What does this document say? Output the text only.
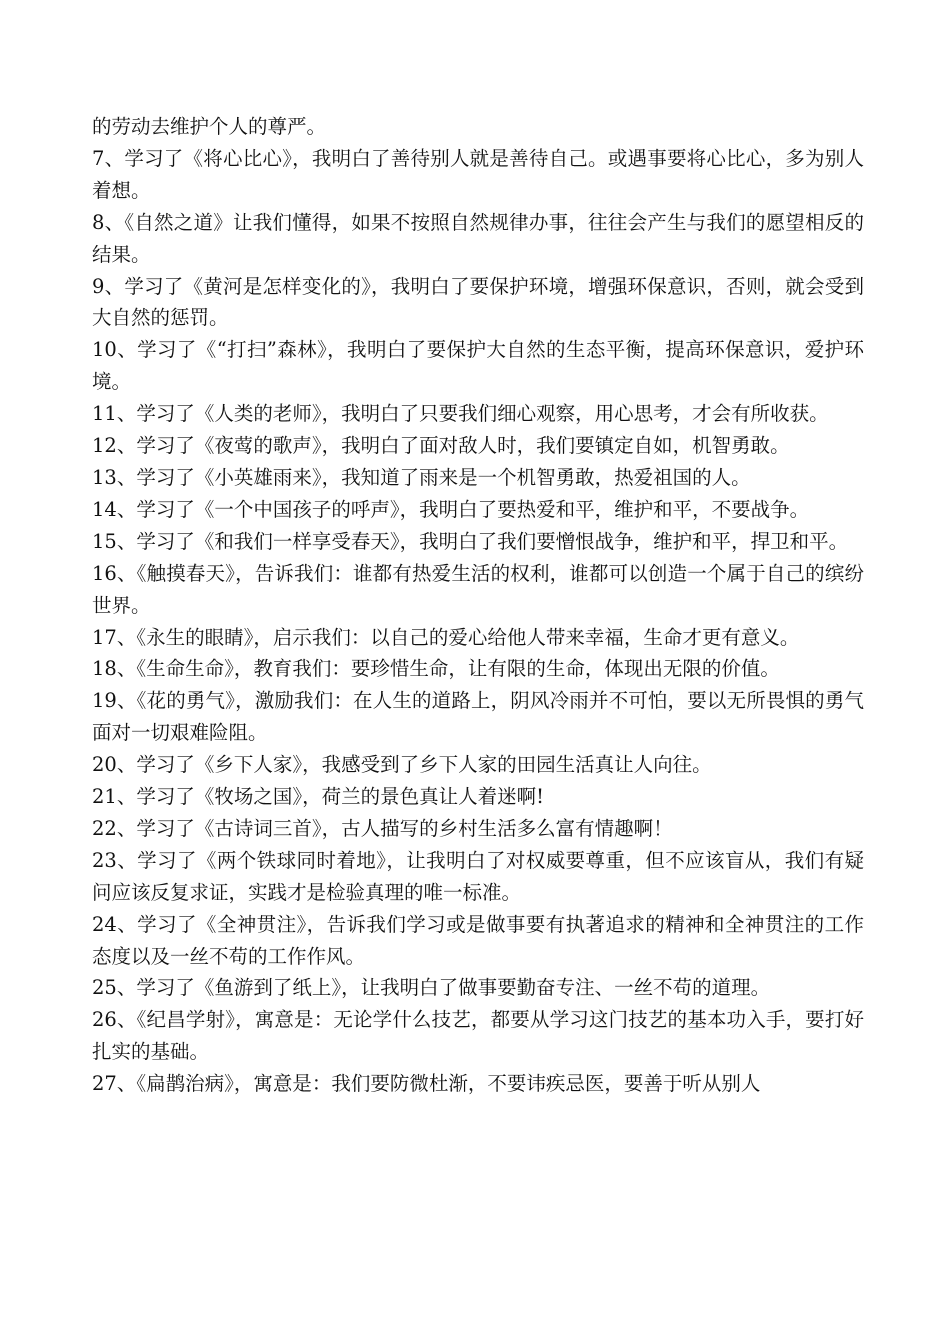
的劳动去维护个人的尊严。

7、学习了《将心比心》，我明白了善待别人就是善待自己。或遇事要将心比心，多为别人着想。

8、《自然之道》让我们懂得，如果不按照自然规律办事，往往会产生与我们的愿望相反的结果。

9、学习了《黄河是怎样变化的》，我明白了要保护环境，增强环保意识，否则，就会受到大自然的惩罚。

10、学习了《“打扫”森林》，我明白了要保护大自然的生态平衡，提高环保意识，爱护环境。

11、学习了《人类的老师》，我明白了只要我们细心观察，用心思考，才会有所收获。

12、学习了《夜莺的歌声》，我明白了面对敌人时，我们要镇定自如，机智勇敢。

13、学习了《小英雄雨来》，我知道了雨来是一个机智勇敢，热爱祖国的人。

14、学习了《一个中国孩子的呼声》，我明白了要热爱和平，维护和平，不要战争。

15、学习了《和我们一样享受春天》，我明白了我们要憎恨战争，维护和平，捍卫和平。

16、《触摸春天》，告诉我们：谁都有热爱生活的权利，谁都可以创造一个属于自己的缤纷世界。

17、《永生的眼睛》，启示我们：以自己的爱心给他人带来幸福，生命才更有意义。

18、《生命生命》，教育我们：要珍惜生命，让有限的生命，体现出无限的价值。

19、《花的勇气》，激励我们：在人生的道路上，阴风冷雨并不可怕，要以无所畏惧的勇气面对一切艰难险阻。

20、学习了《乡下人家》，我感受到了乡下人家的田园生活真让人向往。

21、学习了《牧场之国》，荷兰的景色真让人着迷啊!

22、学习了《古诗词三首》，古人描写的乡村生活多么富有情趣啊！

23、学习了《两个铁球同时着地》，让我明白了对权威要尊重，但不应该盲从，我们有疑问应该反复求证，实践才是检验真理的唯一标准。

24、学习了《全神贯注》，告诉我们学习或是做事要有执著追求的精神和全神贯注的工作态度以及一丝不苟的工作作风。

25、学习了《鱼游到了纸上》，让我明白了做事要勤奋专注、一丝不苟的道理。

26、《纪昌学射》，寓意是：无论学什么技艺，都要从学习这门技艺的基本功入手，要打好扎实的基础。

27、《扁鹊治病》，寓意是：我们要防微杜渐，不要讳疾忌医，要善于听从别人
